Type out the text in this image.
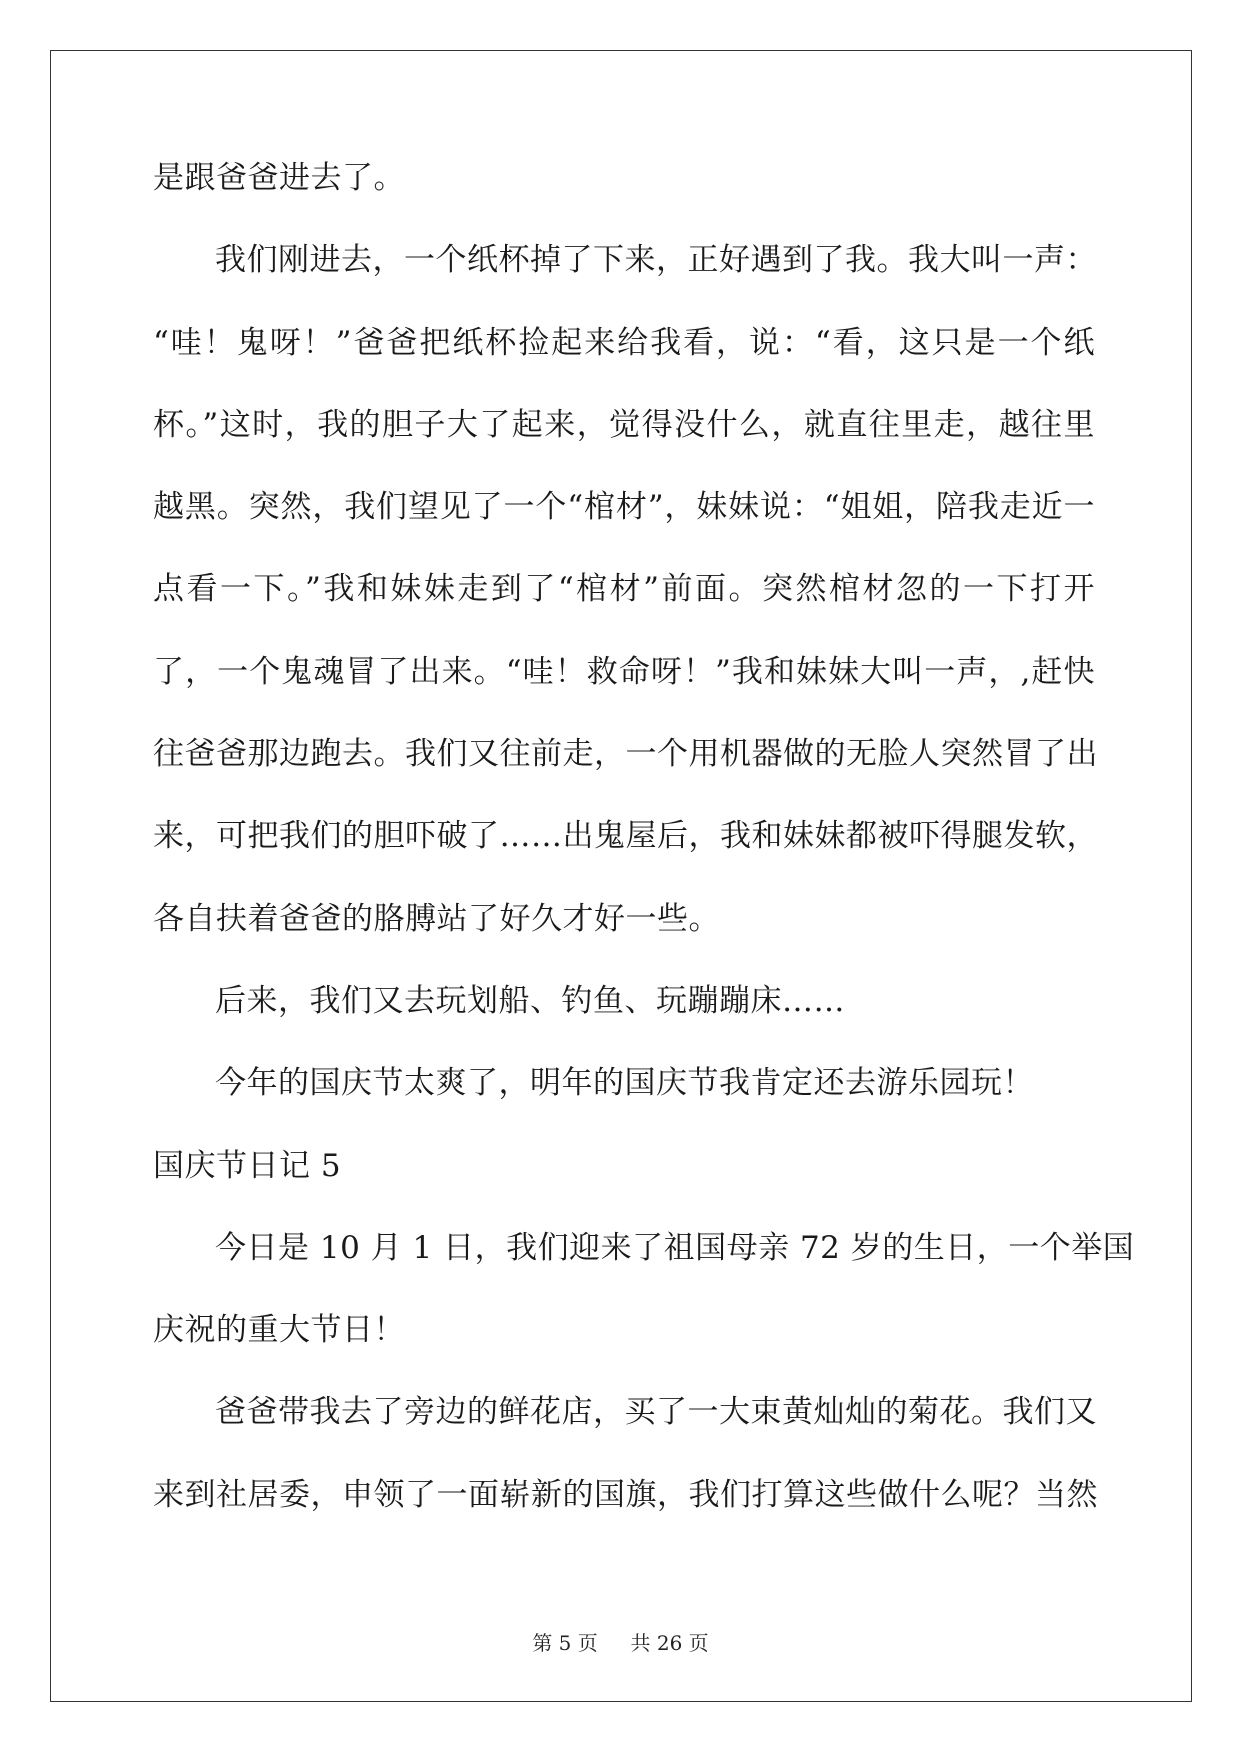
是跟爸爸进去了。
我们刚进去，一个纸杯掉了下来，正好遇到了我。我大叫一声：
“哇！鬼呀！”爸爸把纸杯捡起来给我看，说：“看，这只是一个纸
杯。”这时，我的胆子大了起来，觉得没什么，就直往里走，越往里
越黑。突然，我们望见了一个“棺材”，妹妹说：“姐姐，陪我走近一
点看一下。”我和妹妹走到了“棺材”前面。突然棺材忽的一下打开
了，一个鬼魂冒了出来。“哇！救命呀！”我和妹妹大叫一声，,赶快
往爸爸那边跑去。我们又往前走，一个用机器做的无脸人突然冒了出
来，可把我们的胆吓破了……出鬼屋后，我和妹妹都被吓得腿发软，
各自扶着爸爸的胳膊站了好久才好一些。
后来，我们又去玩划船、钓鱼、玩蹦蹦床……
今年的国庆节太爽了，明年的国庆节我肯定还去游乐园玩！
国庆节日记 5
今日是 10 月 1 日，我们迎来了祖国母亲 72 岁的生日，一个举国
庆祝的重大节日！
爸爸带我去了旁边的鲜花店，买了一大束黄灿灿的菊花。我们又
来到社居委，申领了一面崭新的国旗，我们打算这些做什么呢？当然
第 5 页 共 26 页
